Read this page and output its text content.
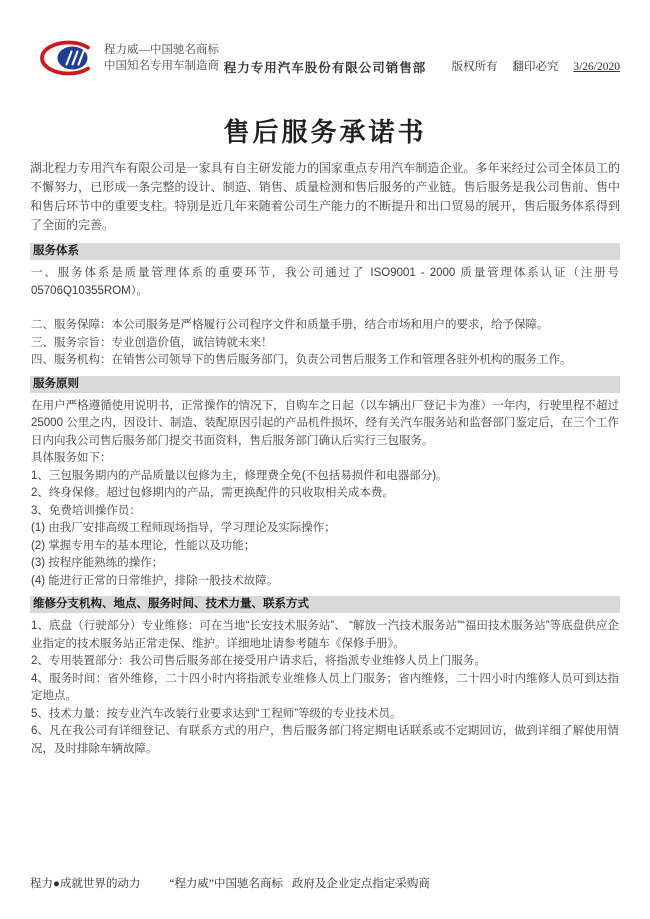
程力威—中国驰名商标
中国知名专用车制造商 程力专用汽车股份有限公司销售部	版权所有 翻印必究 3/26/2020
售后服务承诺书

湖北程力专用汽车有限公司是一家具有自主研发能力的国家重点专用汽车制造企业。多年来经过公司全体员工的不懈努力，已形成一条完整的设计、制造、销售、质量检测和售后服务的产业链。售后服务是我公司售前、售中和售后环节中的重要支柱。特别是近几年来随着公司生产能力的不断提升和出口贸易的展开，售后服务体系得到了全面的完善。

服务体系

一、服务体系是质量管理体系的重要环节，我公司通过了 ISO9001 - 2000 质量管理体系认证（注册号 05706Q10355ROM）。

二、服务保障：本公司服务是严格履行公司程序文件和质量手册，结合市场和用户的要求，给予保障。

三、服务宗旨：专业创造价值，诚信铸就未来！

四、服务机构：在销售公司领导下的售后服务部门，负责公司售后服务工作和管理各驻外机构的服务工作。

服务原则

在用户严格遵循使用说明书，正常操作的情况下，自购车之日起（以车辆出厂登记卡为准）一年内，行驶里程不超过 25000 公里之内，因设计、制造、装配原因引起的产品机件损坏，经有关汽车服务站和监督部门鉴定后，在三个工作日内向我公司售后服务部门提交书面资料，售后服务部门确认后实行三包服务。

具体服务如下：

1、三包服务期内的产品质量以包修为主，修理费全免(不包括易损件和电器部分)。

2、终身保修。超过包修期内的产品，需更换配件的只收取相关成本费。

3、免费培训操作员：

(1) 由我厂安排高级工程师现场指导，学习理论及实际操作；

(2) 掌握专用车的基本理论，性能以及功能；

(3) 按程序能熟练的操作；

(4) 能进行正常的日常维护，排除一般技术故障。

维修分支机构、地点、服务时间、技术力量、联系方式

1、底盘（行驶部分）专业维修：可在当地“长安技术服务站”、 “解放一汽技术服务站”“福田技术服务站”等底盘供应企业指定的技术服务站正常走保、维护。详细地址请参考随车《保修手册》。

2、专用装置部分：我公司售后服务部在接受用户请求后，将指派专业维修人员上门服务。

4、服务时间：省外维修，二十四小时内将指派专业维修人员上门服务；省内维修，二十四小时内维修人员可到达指定地点。

5、技术力量：按专业汽车改装行业要求达到“工程师”等级的专业技术员。

6、凡在我公司有详细登记、有联系方式的用户，售后服务部门将定期电话联系或不定期回访，做到详细了解使用情况，及时排除车辆故障。

程力●成就世界的动力	“程力威”中国驰名商标 政府及企业定点指定采购商
